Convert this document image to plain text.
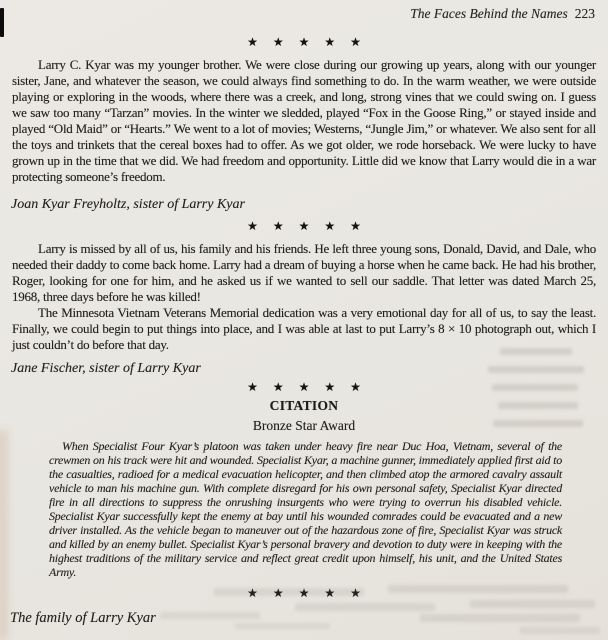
The Faces Behind the Names 223
★ ★ ★ ★ ★

Larry C. Kyar was my younger brother. We were close during our growing up years, along with our younger sister, Jane, and whatever the season, we could always find something to do. In the warm weather, we were outside playing or exploring in the woods, where there was a creek, and long, strong vines that we could swing on. I guess we saw too many “Tarzan” movies. In the winter we sledded, played “Fox in the Goose Ring,” or stayed inside and played “Old Maid” or “Hearts.” We went to a lot of movies; Westerns, “Jungle Jim,” or whatever. We also sent for all the toys and trinkets that the cereal boxes had to offer. As we got older, we rode horseback. We were lucky to have grown up in the time that we did. We had freedom and opportunity. Little did we know that Larry would die in a war protecting someone’s freedom.

Joan Kyar Freyholtz, sister of Larry Kyar
★ ★ ★ ★ ★

Larry is missed by all of us, his family and his friends. He left three young sons, Donald, David, and Dale, who needed their daddy to come back home. Larry had a dream of buying a horse when he came back. He had his brother, Roger, looking for one for him, and he asked us if we wanted to sell our saddle. That letter was dated March 25, 1968, three days before he was killed!

The Minnesota Vietnam Veterans Memorial dedication was a very emotional day for all of us, to say the least. Finally, we could begin to put things into place, and I was able at last to put Larry’s 8 × 10 photograph out, which I just couldn’t do before that day.

Jane Fischer, sister of Larry Kyar
★ ★ ★ ★ ★
CITATION
Bronze Star Award

When Specialist Four Kyar’s platoon was taken under heavy fire near Duc Hoa, Vietnam, several of the crewmen on his track were hit and wounded. Specialist Kyar, a machine gunner, immediately applied first aid to the casualties, radioed for a medical evacuation helicopter, and then climbed atop the armored cavalry assault vehicle to man his machine gun. With complete disregard for his own personal safety, Specialist Kyar directed fire in all directions to suppress the onrushing insurgents who were trying to overrun his disabled vehicle. Specialist Kyar successfully kept the enemy at bay until his wounded comrades could be evacuated and a new driver installed. As the vehicle began to maneuver out of the hazardous zone of fire, Specialist Kyar was struck and killed by an enemy bullet. Specialist Kyar’s personal bravery and devotion to duty were in keeping with the highest traditions of the military service and reflect great credit upon himself, his unit, and the United States Army.

★ ★ ★ ★ ★
The family of Larry Kyar
